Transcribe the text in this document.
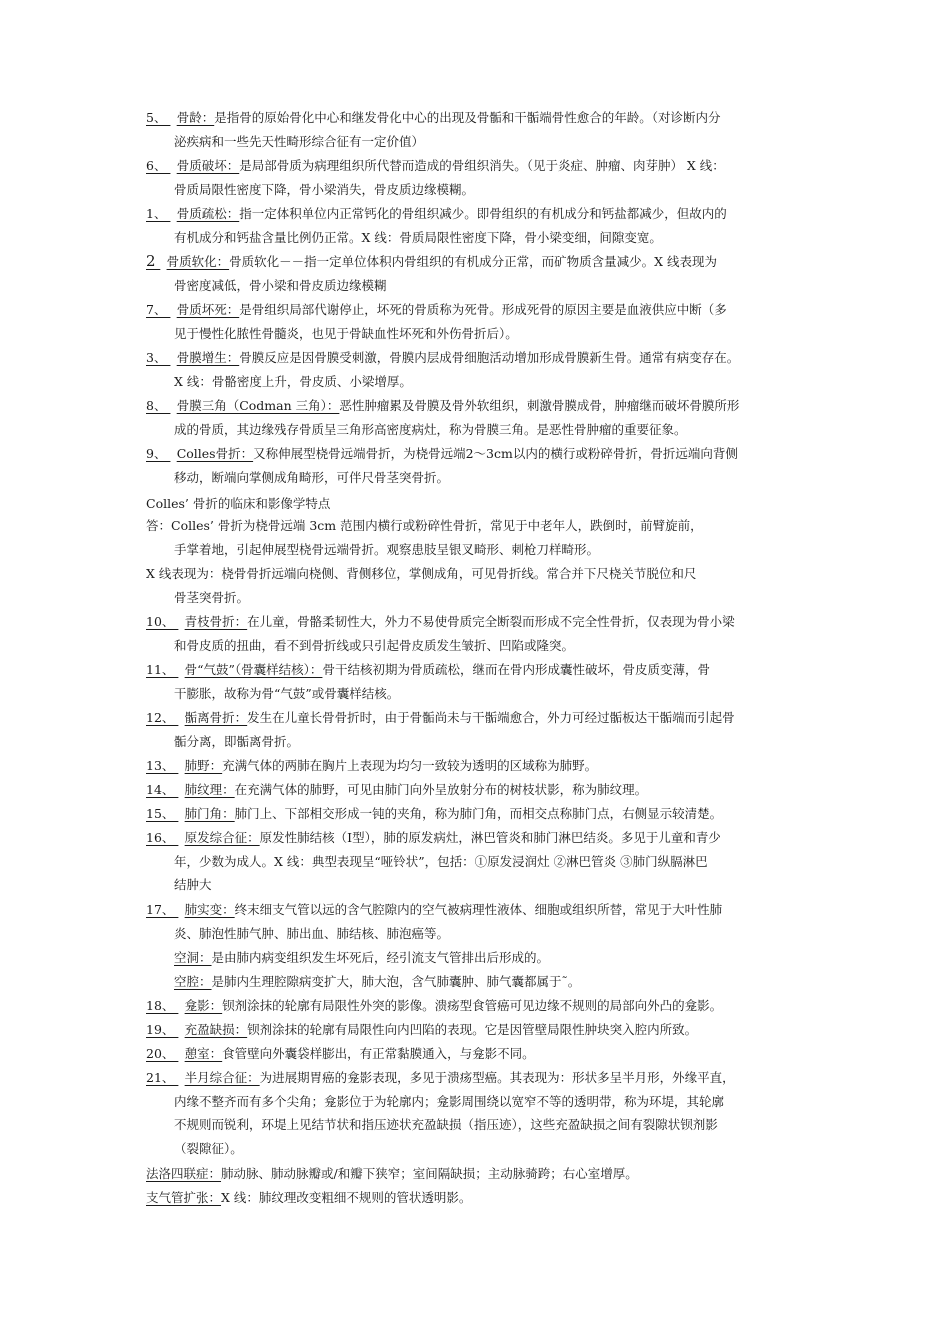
5、  骨龄：是指骨的原始骨化中心和继发骨化中心的出现及骨骺和干骺端骨性愈合的年龄。（对诊断内分
泌疾病和一些先天性畸形综合征有一定价值）
6、  骨质破坏：是局部骨质为病理组织所代替而造成的骨组织消失。（见于炎症、肿瘤、肉芽肿） X 线：
骨质局限性密度下降，骨小梁消失，骨皮质边缘模糊。
1、  骨质疏松：指一定体积单位内正常钙化的骨组织减少。即骨组织的有机成分和钙盐都减少，但故内的
有机成分和钙盐含量比例仍正常。X 线：骨质局限性密度下降，骨小梁变细，间隙变宽。
2  骨质软化：骨质软化－－指一定单位体积内骨组织的有机成分正常，而矿物质含量减少。X 线表现为
骨密度减低，骨小梁和骨皮质边缘模糊
7、  骨质坏死：是骨组织局部代谢停止，坏死的骨质称为死骨。形成死骨的原因主要是血液供应中断（多
见于慢性化脓性骨髓炎，也见于骨缺血性坏死和外伤骨折后）。
3、  骨膜增生：骨膜反应是因骨膜受刺激，骨膜内层成骨细胞活动增加形成骨膜新生骨。通常有病变存在。
X 线：骨骼密度上升，骨皮质、小梁增厚。
8、  骨膜三角（Codman 三角）：恶性肿瘤累及骨膜及骨外软组织，刺激骨膜成骨，肿瘤继而破坏骨膜所形
成的骨质，其边缘残存骨质呈三角形高密度病灶，称为骨膜三角。是恶性骨肿瘤的重要征象。
9、  Colles骨折：又称伸展型桡骨远端骨折，为桡骨远端2～3cm以内的横行或粉碎骨折，骨折远端向背侧
移动，断端向掌侧成角畸形，可伴尺骨茎突骨折。
Colles’ 骨折的临床和影像学特点
答：Colles’ 骨折为桡骨远端 3cm 范围内横行或粉碎性骨折，常见于中老年人，跌倒时，前臂旋前，
手掌着地，引起伸展型桡骨远端骨折。观察患肢呈银叉畸形、刺枪刀样畸形。
X 线表现为：桡骨骨折远端向桡侧、背侧移位，掌侧成角，可见骨折线。常合并下尺桡关节脱位和尺
骨茎突骨折。
10、  青枝骨折：在儿童，骨骼柔韧性大，外力不易使骨质完全断裂而形成不完全性骨折，仅表现为骨小梁
和骨皮质的扭曲，看不到骨折线或只引起骨皮质发生皱折、凹陷或隆突。
11、  骨“气鼓”（骨囊样结核）：骨干结核初期为骨质疏松，继而在骨内形成囊性破坏，骨皮质变薄，骨
干膨胀，故称为骨“气鼓”或骨囊样结核。
12、  骺离骨折：发生在儿童长骨骨折时，由于骨骺尚未与干骺端愈合，外力可经过骺板达干骺端而引起骨
骺分离，即骺离骨折。
13、  肺野：充满气体的两肺在胸片上表现为均匀一致较为透明的区域称为肺野。
14、  肺纹理：在充满气体的肺野，可见由肺门向外呈放射分布的树枝状影，称为肺纹理。
15、  肺门角：肺门上、下部相交形成一钝的夹角，称为肺门角，而相交点称肺门点，右侧显示较清楚。
16、  原发综合征：原发性肺结核（Ⅰ型），肺的原发病灶，淋巴管炎和肺门淋巴结炎。多见于儿童和青少
年，少数为成人。X 线：典型表现呈“哑铃状”，包括：①原发浸润灶 ②淋巴管炎 ③肺门纵膈淋巴
结肿大
17、  肺实变：终末细支气管以远的含气腔隙内的空气被病理性液体、细胞或组织所替，常见于大叶性肺
炎、肺泡性肺气肿、肺出血、肺结核、肺泡癌等。
空洞：是由肺内病变组织发生坏死后，经引流支气管排出后形成的。
空腔：是肺内生理腔隙病变扩大，肺大泡，含气肺囊肿、肺气囊都属于˜。
18、  龛影：钡剂涂抹的轮廓有局限性外突的影像。溃疡型食管癌可见边缘不规则的局部向外凸的龛影。
19、  充盈缺损：钡剂涂抹的轮廓有局限性向内凹陷的表现。它是因管壁局限性肿块突入腔内所致。
20、  憩室：食管壁向外囊袋样膨出，有正常黏膜通入，与龛影不同。
21、  半月综合征：为进展期胃癌的龛影表现，多见于溃疡型癌。其表现为：形状多呈半月形，外缘平直，
内缘不整齐而有多个尖角；龛影位于为轮廓内；龛影周围绕以宽窄不等的透明带，称为环堤，其轮廓
不规则而锐利，环堤上见结节状和指压迹状充盈缺损（指压迹），这些充盈缺损之间有裂隙状钡剂影
（裂隙征）。
法洛四联症：肺动脉、肺动脉瓣或/和瓣下狭窄；室间隔缺损；主动脉骑跨；右心室增厚。
支气管扩张：X 线：肺纹理改变粗细不规则的管状透明影。
